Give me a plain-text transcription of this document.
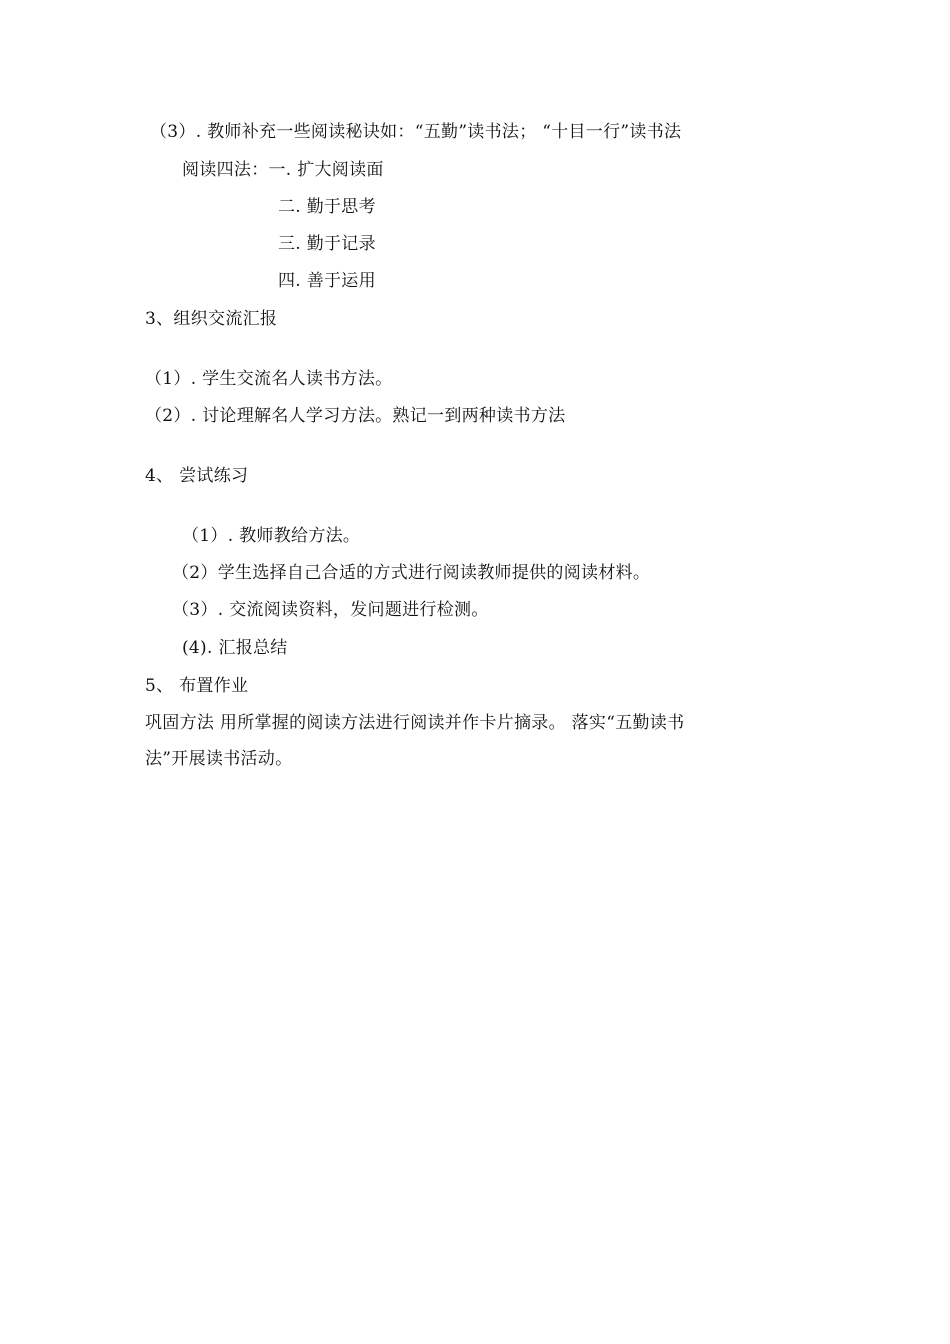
（3）. 教师补充一些阅读秘诀如：“五勤”读书法； “十目一行”读书法
阅读四法：一. 扩大阅读面
二. 勤于思考
三. 勤于记录
四. 善于运用
3、组织交流汇报
（1）. 学生交流名人读书方法。
（2）. 讨论理解名人学习方法。熟记一到两种读书方法
4、 尝试练习
（1）. 教师教给方法。
（2）学生选择自己合适的方式进行阅读教师提供的阅读材料。
（3）. 交流阅读资料，发问题进行检测。
(4). 汇报总结
5、 布置作业
巩固方法 用所掌握的阅读方法进行阅读并作卡片摘录。 落实“五勤读书
法”开展读书活动。
